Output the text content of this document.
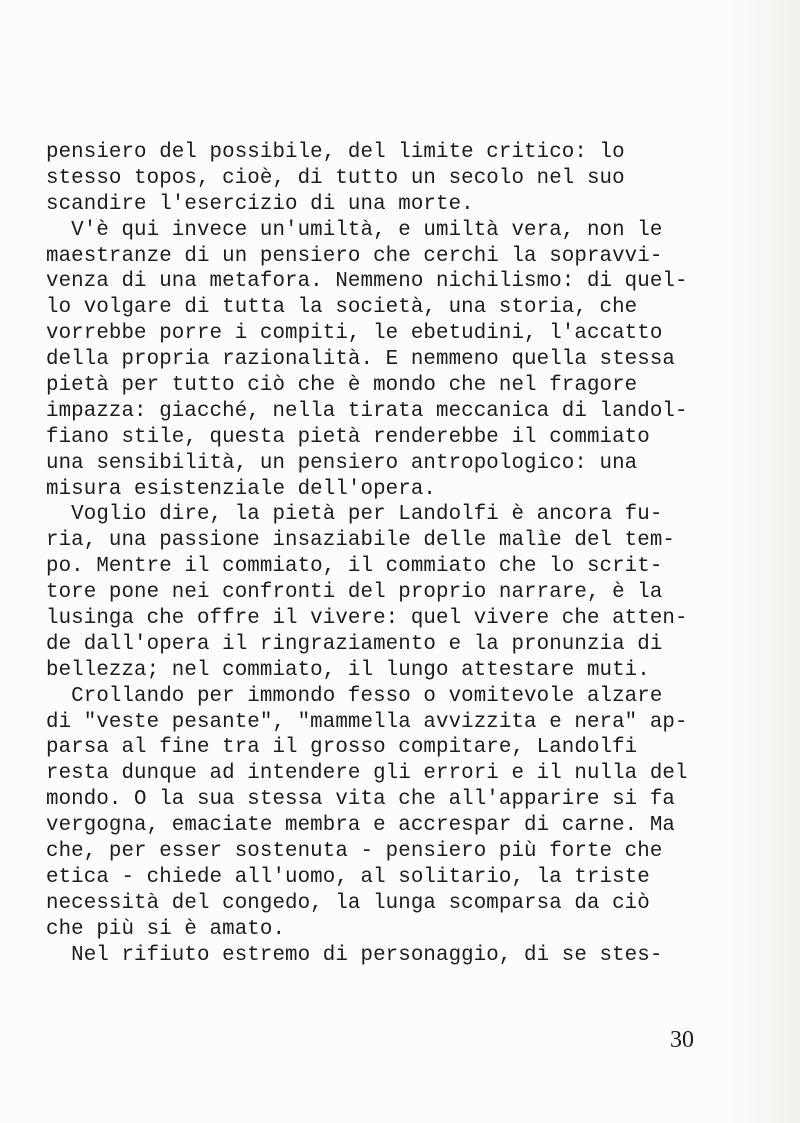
pensiero del possibile, del limite critico: lo
stesso topos, cioè, di tutto un secolo nel suo
scandire l'esercizio di una morte.
V'è qui invece un'umiltà, e umiltà vera, non le
maestranze di un pensiero che cerchi la sopravvi-
venza di una metafora. Nemmeno nichilismo: di quel-
lo volgare di tutta la società, una storia, che
vorrebbe porre i compiti, le ebetudini, l'accatto
della propria razionalità. E nemmeno quella stessa
pietà per tutto ciò che è mondo che nel fragore
impazza: giacché, nella tirata meccanica di landol-
fiano stile, questa pietà renderebbe il commiato
una sensibilità, un pensiero antropologico: una
misura esistenziale dell'opera.
Voglio dire, la pietà per Landolfi è ancora fu-
ria, una passione insaziabile delle malìe del tem-
po. Mentre il commiato, il commiato che lo scrit-
tore pone nei confronti del proprio narrare, è la
lusinga che offre il vivere: quel vivere che atten-
de dall'opera il ringraziamento e la pronunzia di
bellezza; nel commiato, il lungo attestare muti.
Crollando per immondo fesso o vomitevole alzare
di "veste pesante", "mammella avvizzita e nera" ap-
parsa al fine tra il grosso compitare, Landolfi
resta dunque ad intendere gli errori e il nulla del
mondo. O la sua stessa vita che all'apparire si fa
vergogna, emaciate membra e accrespar di carne. Ma
che, per esser sostenuta - pensiero più forte che
etica - chiede all'uomo, al solitario, la triste
necessità del congedo, la lunga scomparsa da ciò
che più si è amato.
Nel rifiuto estremo di personaggio, di se stes-
30
